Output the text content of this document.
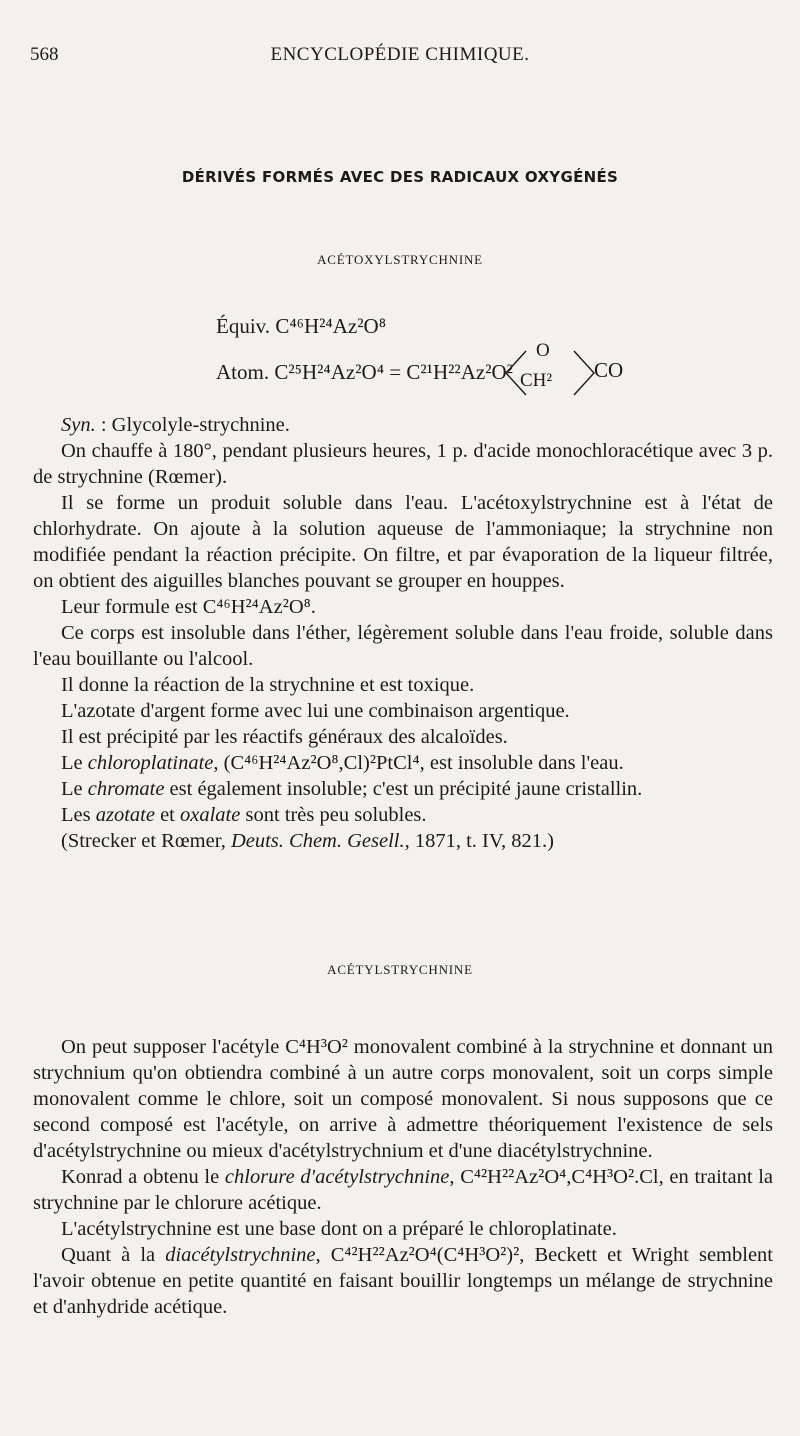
568	ENCYCLOPÉDIE CHIMIQUE.
DÉRIVÉS FORMÉS AVEC DES RADICAUX OXYGÉNÉS
ACÉTOXYLSTRYCHNINE
Équiv. C⁴⁶H²⁴Az²O⁸
Atom. C²⁵H²⁴Az²O⁴ = C²¹H²²Az²O²
O
CH² CO

Syn. : Glycolyle-strychnine.

On chauffe à 180°, pendant plusieurs heures, 1 p. d'acide monochloracétique avec 3 p. de strychnine (Rœmer).

Il se forme un produit soluble dans l'eau. L'acétoxylstrychnine est à l'état de chlorhydrate. On ajoute à la solution aqueuse de l'ammoniaque; la strychnine non modifiée pendant la réaction précipite. On filtre, et par évaporation de la liqueur filtrée, on obtient des aiguilles blanches pouvant se grouper en houppes.

Leur formule est C⁴⁶H²⁴Az²O⁸.

Ce corps est insoluble dans l'éther, légèrement soluble dans l'eau froide, soluble dans l'eau bouillante ou l'alcool.

Il donne la réaction de la strychnine et est toxique.

L'azotate d'argent forme avec lui une combinaison argentique.

Il est précipité par les réactifs généraux des alcaloïdes.

Le chloroplatinate, (C⁴⁶H²⁴Az²O⁸,Cl)²PtCl⁴, est insoluble dans l'eau.

Le chromate est également insoluble; c'est un précipité jaune cristallin.

Les azotate et oxalate sont très peu solubles.

(Strecker et Rœmer, Deuts. Chem. Gesell., 1871, t. IV, 821.)

ACÉTYLSTRYCHNINE

On peut supposer l'acétyle C⁴H³O² monovalent combiné à la strychnine et donnant un strychnium qu'on obtiendra combiné à un autre corps monovalent, soit un corps simple monovalent comme le chlore, soit un composé monovalent. Si nous supposons que ce second composé est l'acétyle, on arrive à admettre théoriquement l'existence de sels d'acétylstrychnine ou mieux d'acétylstrychnium et d'une diacétylstrychnine.

Konrad a obtenu le chlorure d'acétylstrychnine, C⁴²H²²Az²O⁴,C⁴H³O².Cl, en traitant la strychnine par le chlorure acétique.

L'acétylstrychnine est une base dont on a préparé le chloroplatinate.

Quant à la diacétylstrychnine, C⁴²H²²Az²O⁴(C⁴H³O²)², Beckett et Wright semblent l'avoir obtenue en petite quantité en faisant bouillir longtemps un mélange de strychnine et d'anhydride acétique.
